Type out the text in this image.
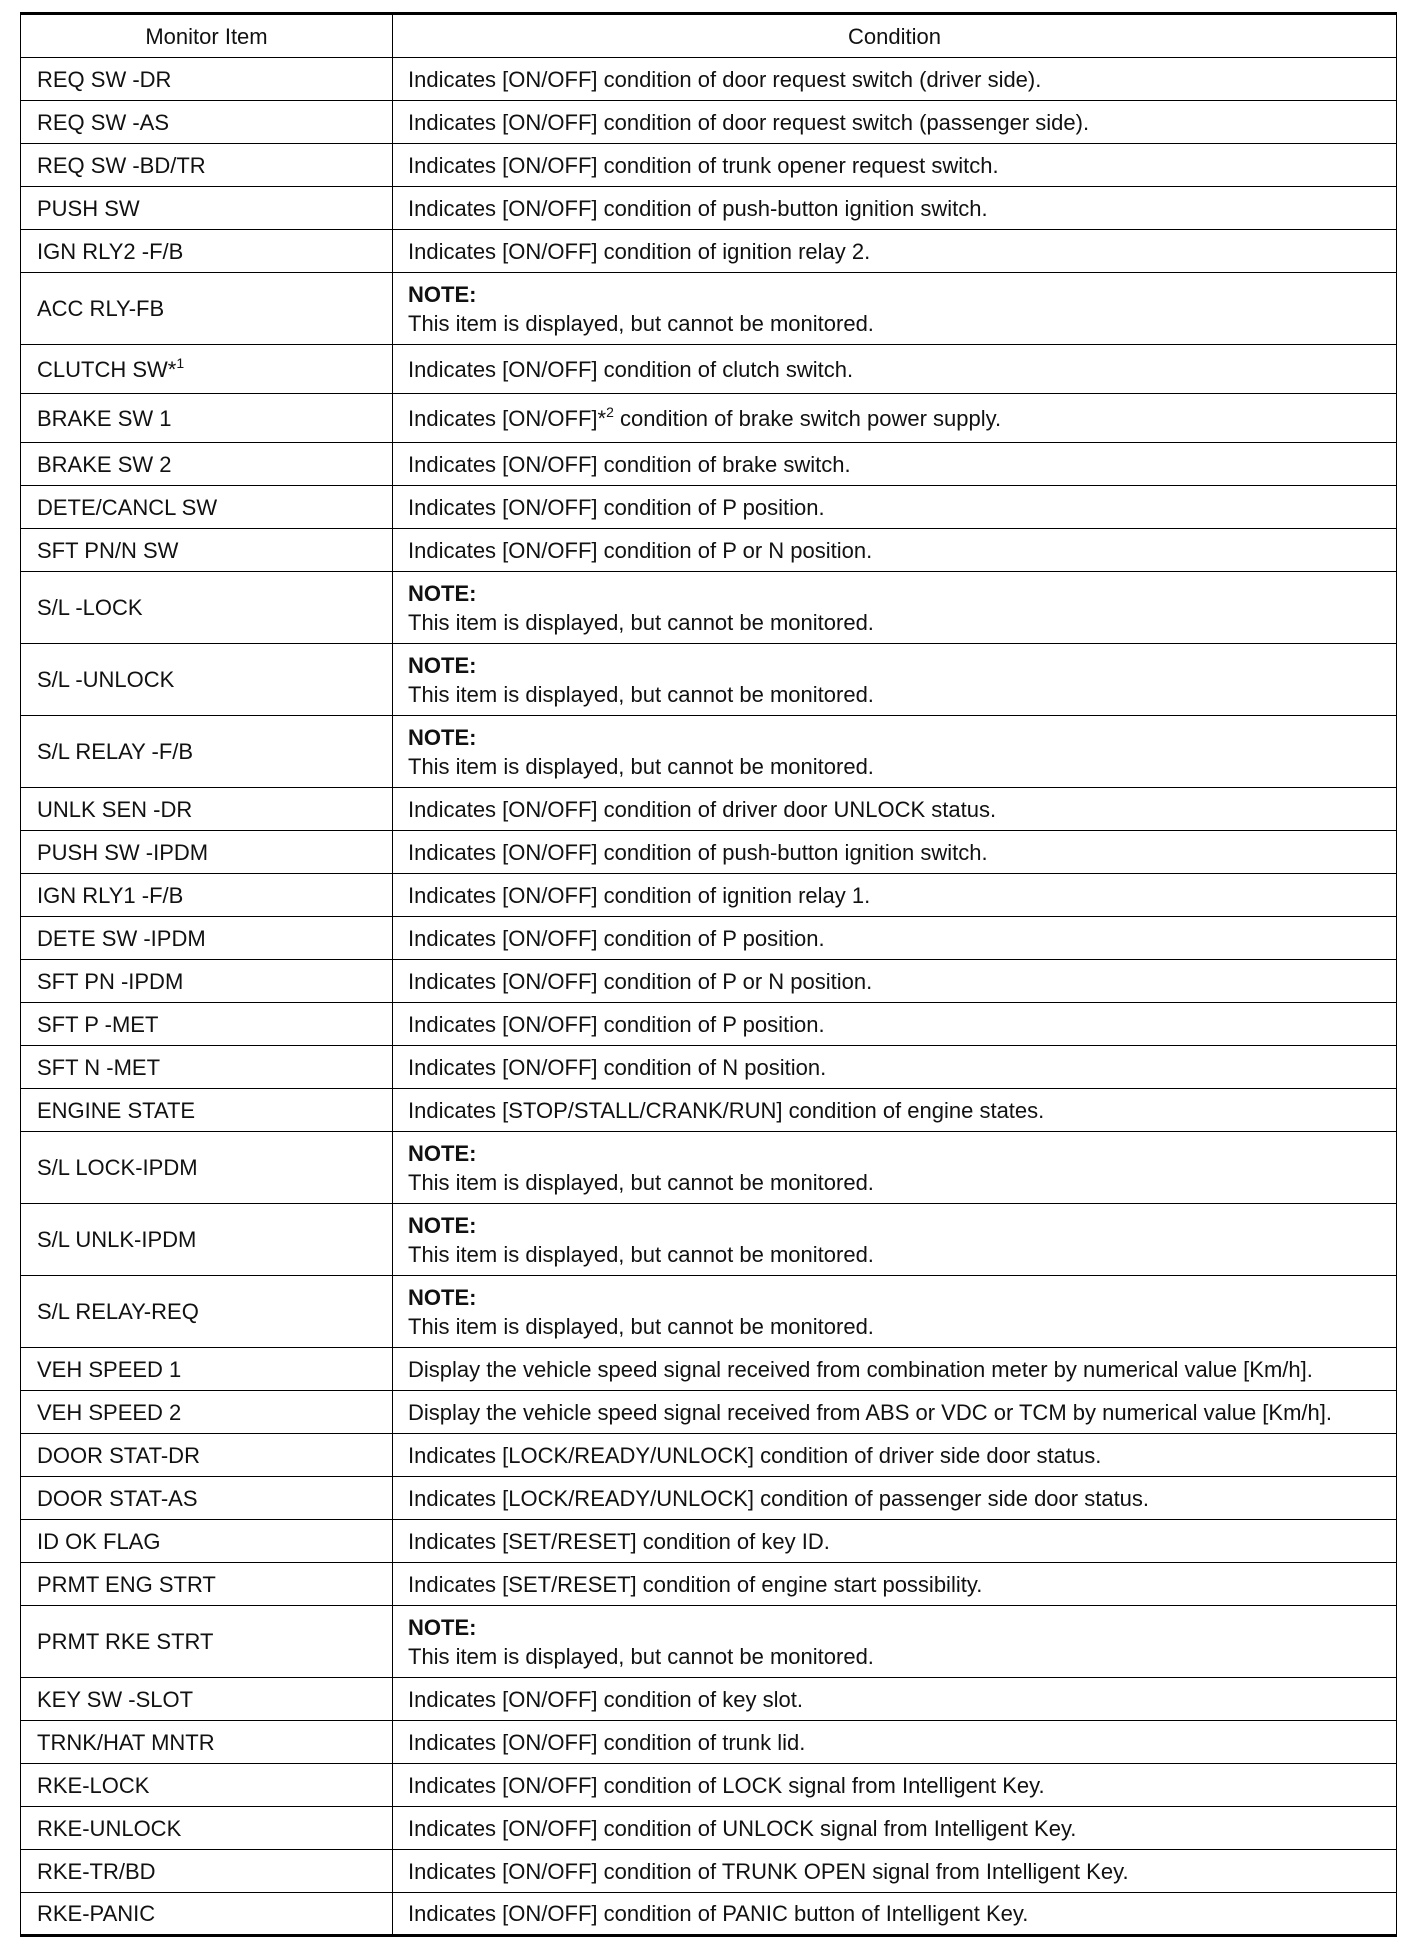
Monitor Item	Condition
REQ SW -DR	Indicates [ON/OFF] condition of door request switch (driver side).
REQ SW -AS	Indicates [ON/OFF] condition of door request switch (passenger side).
REQ SW -BD/TR	Indicates [ON/OFF] condition of trunk opener request switch.
PUSH SW	Indicates [ON/OFF] condition of push-button ignition switch.
IGN RLY2 -F/B	Indicates [ON/OFF] condition of ignition relay 2.
ACC RLY-FB	NOTE:
This item is displayed, but cannot be monitored.

CLUTCH SW*$^1$	Indicates [ON/OFF] condition of clutch switch.
BRAKE SW 1	Indicates [ON/OFF]*$^2$ condition of brake switch power supply.
BRAKE SW 2	Indicates [ON/OFF] condition of brake switch.
DETE/CANCL SW	Indicates [ON/OFF] condition of P position.
SFT PN/N SW	Indicates [ON/OFF] condition of P or N position.
S/L -LOCK	NOTE:
This item is displayed, but cannot be monitored.

S/L -UNLOCK	NOTE:
This item is displayed, but cannot be monitored.

S/L RELAY -F/B	NOTE:
This item is displayed, but cannot be monitored.

UNLK SEN -DR	Indicates [ON/OFF] condition of driver door UNLOCK status.
PUSH SW -IPDM	Indicates [ON/OFF] condition of push-button ignition switch.
IGN RLY1 -F/B	Indicates [ON/OFF] condition of ignition relay 1.
DETE SW -IPDM	Indicates [ON/OFF] condition of P position.
SFT PN -IPDM	Indicates [ON/OFF] condition of P or N position.
SFT P -MET	Indicates [ON/OFF] condition of P position.
SFT N -MET	Indicates [ON/OFF] condition of N position.
ENGINE STATE	Indicates [STOP/STALL/CRANK/RUN] condition of engine states.
S/L LOCK-IPDM	NOTE:
This item is displayed, but cannot be monitored.

S/L UNLK-IPDM	NOTE:
This item is displayed, but cannot be monitored.

S/L RELAY-REQ	NOTE:
This item is displayed, but cannot be monitored.

VEH SPEED 1	Display the vehicle speed signal received from combination meter by numerical value [Km/h].
VEH SPEED 2	Display the vehicle speed signal received from ABS or VDC or TCM by numerical value [Km/h].
DOOR STAT-DR	Indicates [LOCK/READY/UNLOCK] condition of driver side door status.
DOOR STAT-AS	Indicates [LOCK/READY/UNLOCK] condition of passenger side door status.
ID OK FLAG	Indicates [SET/RESET] condition of key ID.
PRMT ENG STRT	Indicates [SET/RESET] condition of engine start possibility.
PRMT RKE STRT	NOTE:
This item is displayed, but cannot be monitored.

KEY SW -SLOT	Indicates [ON/OFF] condition of key slot.
TRNK/HAT MNTR	Indicates [ON/OFF] condition of trunk lid.
RKE-LOCK	Indicates [ON/OFF] condition of LOCK signal from Intelligent Key.
RKE-UNLOCK	Indicates [ON/OFF] condition of UNLOCK signal from Intelligent Key.
RKE-TR/BD	Indicates [ON/OFF] condition of TRUNK OPEN signal from Intelligent Key.
RKE-PANIC	Indicates [ON/OFF] condition of PANIC button of Intelligent Key.
